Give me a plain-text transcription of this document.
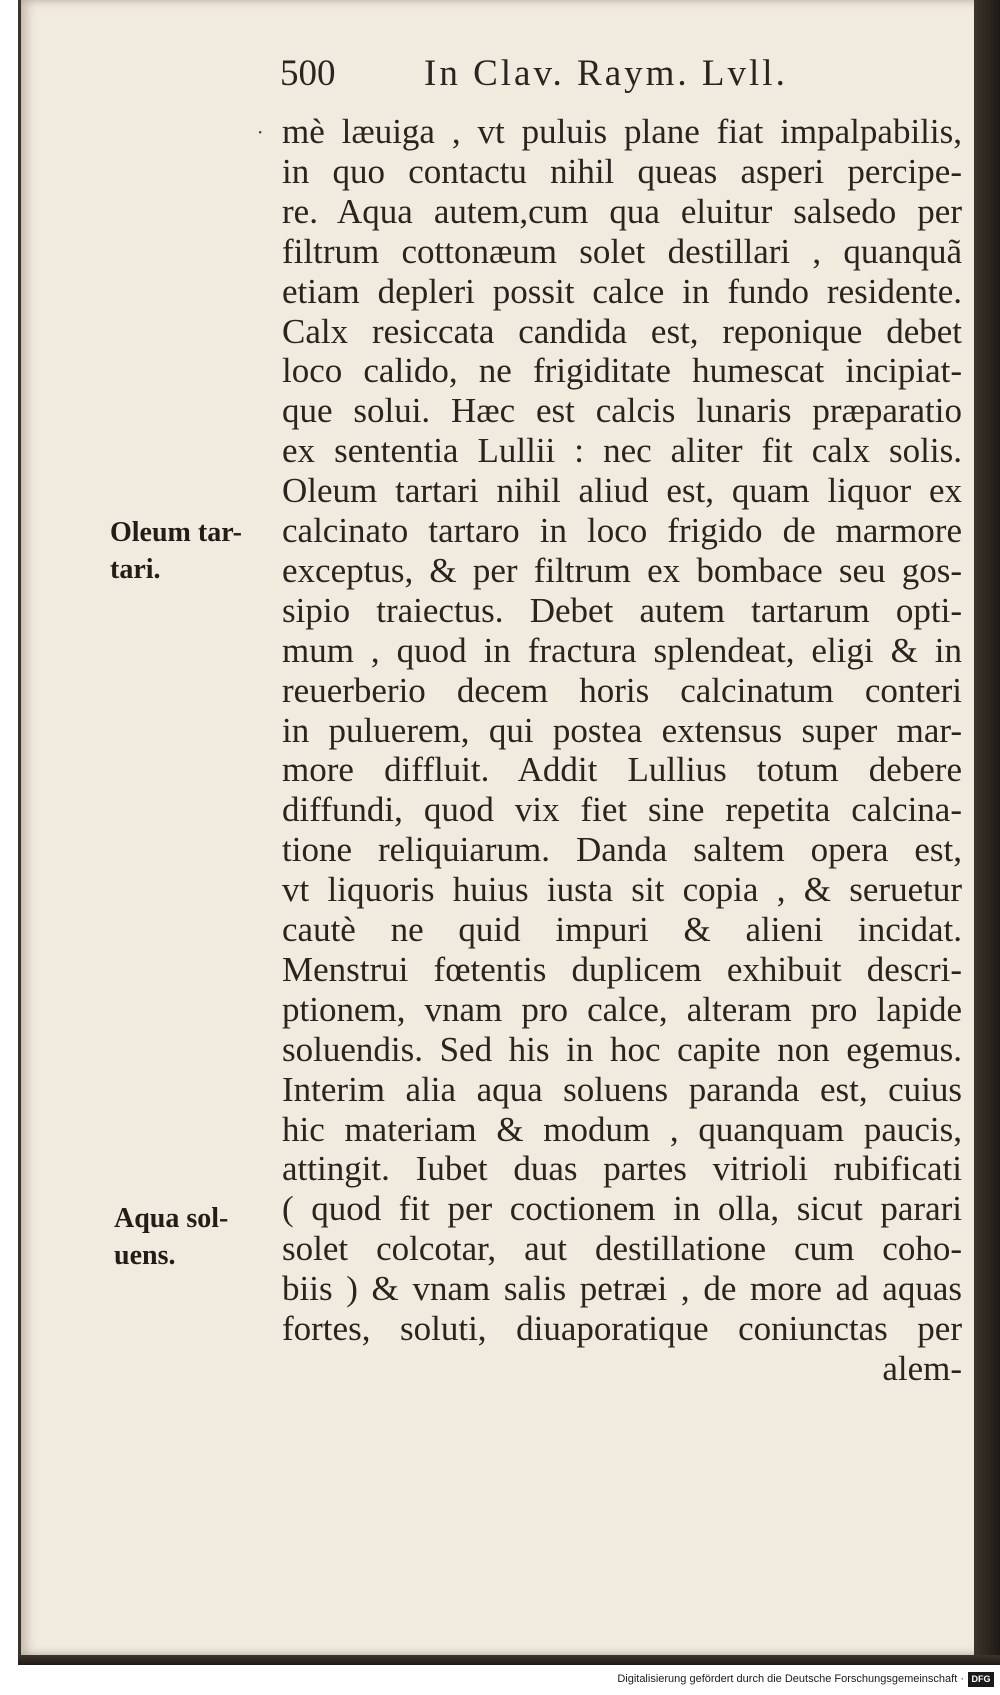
500 In Clav. Raym. Lvll.
·
Oleum tar-
tari.
Aqua sol-
uens.
mè læuiga , vt puluis plane fiat impalpabilis,
in quo contactu nihil queas asperi percipe-
re. Aqua autem,cum qua eluitur salsedo per
filtrum cottonæum solet destillari , quanquã
etiam depleri possit calce in fundo residente.
Calx resiccata candida est, reponique debet
loco calido, ne frigiditate humescat incipiat-
que solui. Hæc est calcis lunaris præparatio
ex sententia Lullii : nec aliter fit calx solis.
Oleum tartari nihil aliud est, quam liquor ex
calcinato tartaro in loco frigido de marmore
exceptus, & per filtrum ex bombace seu gos-
sipio traiectus. Debet autem tartarum opti-
mum , quod in fractura splendeat, eligi & in
reuerberio decem horis calcinatum conteri
in puluerem, qui postea extensus super mar-
more diffluit. Addit Lullius totum debere
diffundi, quod vix fiet sine repetita calcina-
tione reliquiarum. Danda saltem opera est,
vt liquoris huius iusta sit copia , & seruetur
cautè ne quid impuri & alieni incidat.
Menstrui fœtentis duplicem exhibuit descri-
ptionem, vnam pro calce, alteram pro lapide
soluendis. Sed his in hoc capite non egemus.
Interim alia aqua soluens paranda est, cuius
hic materiam & modum , quanquam paucis,
attingit. Iubet duas partes vitrioli rubificati
( quod fit per coctionem in olla, sicut parari
solet colcotar, aut destillatione cum coho-
biis ) & vnam salis petræi , de more ad aquas
fortes, soluti, diuaporatique coniunctas per
alem-
Digitalisierung gefördert durch die Deutsche Forschungsgemeinschaft · DFG
